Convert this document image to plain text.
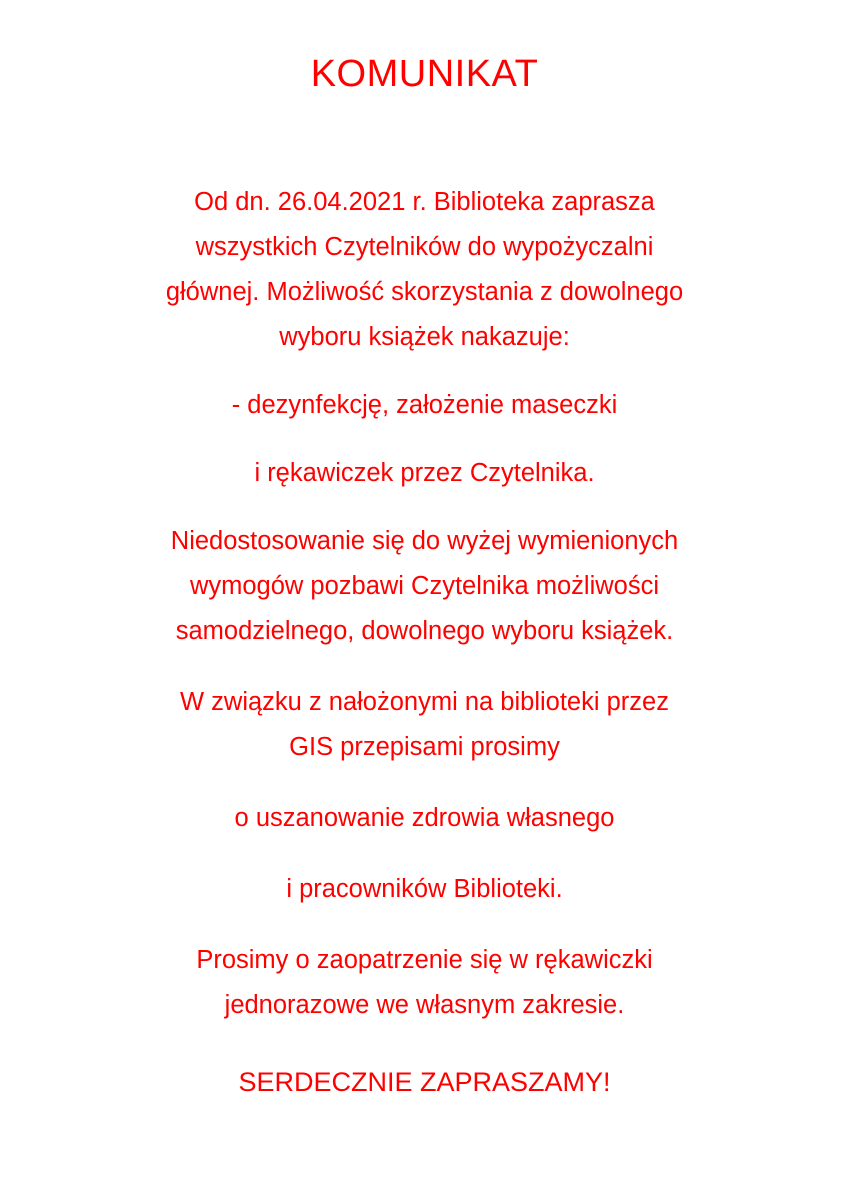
KOMUNIKAT
Od dn. 26.04.2021 r. Biblioteka zaprasza
wszystkich Czytelników do wypożyczalni
głównej. Możliwość skorzystania z dowolnego
wyboru książek nakazuje:
- dezynfekcję, założenie maseczki
i rękawiczek przez Czytelnika.
Niedostosowanie się do wyżej wymienionych
wymogów pozbawi Czytelnika możliwości
samodzielnego, dowolnego wyboru książek.
W związku z nałożonymi na biblioteki przez
GIS przepisami prosimy
o uszanowanie zdrowia własnego
i pracowników Biblioteki.
Prosimy o zaopatrzenie się w rękawiczki
jednorazowe we własnym zakresie.
SERDECZNIE ZAPRASZAMY!
